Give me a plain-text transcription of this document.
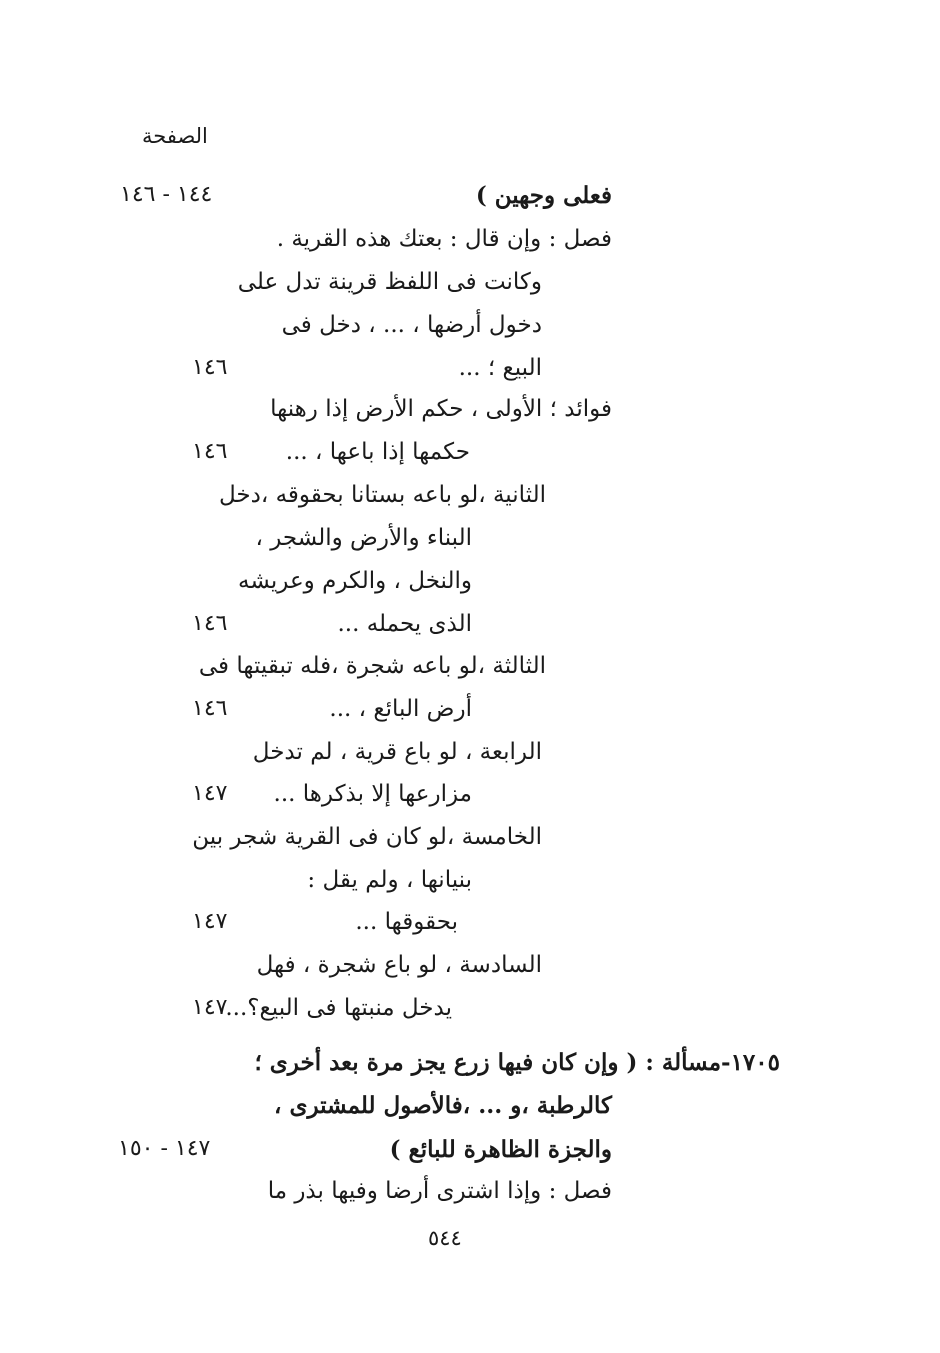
الصفحة
فعلى وجهين )
١٤٤ - ١٤٦
فصل : وإن قال : بعتك هذه القرية .
وكانت فى اللفظ قرينة تدل على
دخول أرضها ، ... ، دخل فى
البيع ؛ ...
١٤٦
فوائد ؛ الأولى ، حكم الأرض إذا رهنها
حكمها إذا باعها ، ...
١٤٦
الثانية ،لو باعه بستانا بحقوقه ،دخل
البناء والأرض والشجر ،
والنخل ، والكرم وعريشه
الذى يحمله ...
١٤٦
الثالثة ،لو باعه شجرة ،فله تبقيتها فى
أرض البائع ، ...
١٤٦
الرابعة ، لو باع قرية ، لم تدخل
مزارعها إلا بذكرها ...
١٤٧
الخامسة ،لو كان فى القرية شجر بين
بنيانها ، ولم يقل :
بحقوقها ...
١٤٧
السادسة ، لو باع شجرة ، فهل
يدخل منبتها فى البيع؟...
١٤٧
١٧٠٥-مسألة : ( وإن كان فيها زرع يجز مرة بعد أخرى ؛
كالرطبة ،و ... ،فالأصول للمشترى ،
والجزة الظاهرة للبائع )
١٤٧ - ١٥٠
فصل : وإذا اشترى أرضا وفيها بذر ما
٥٤٤
